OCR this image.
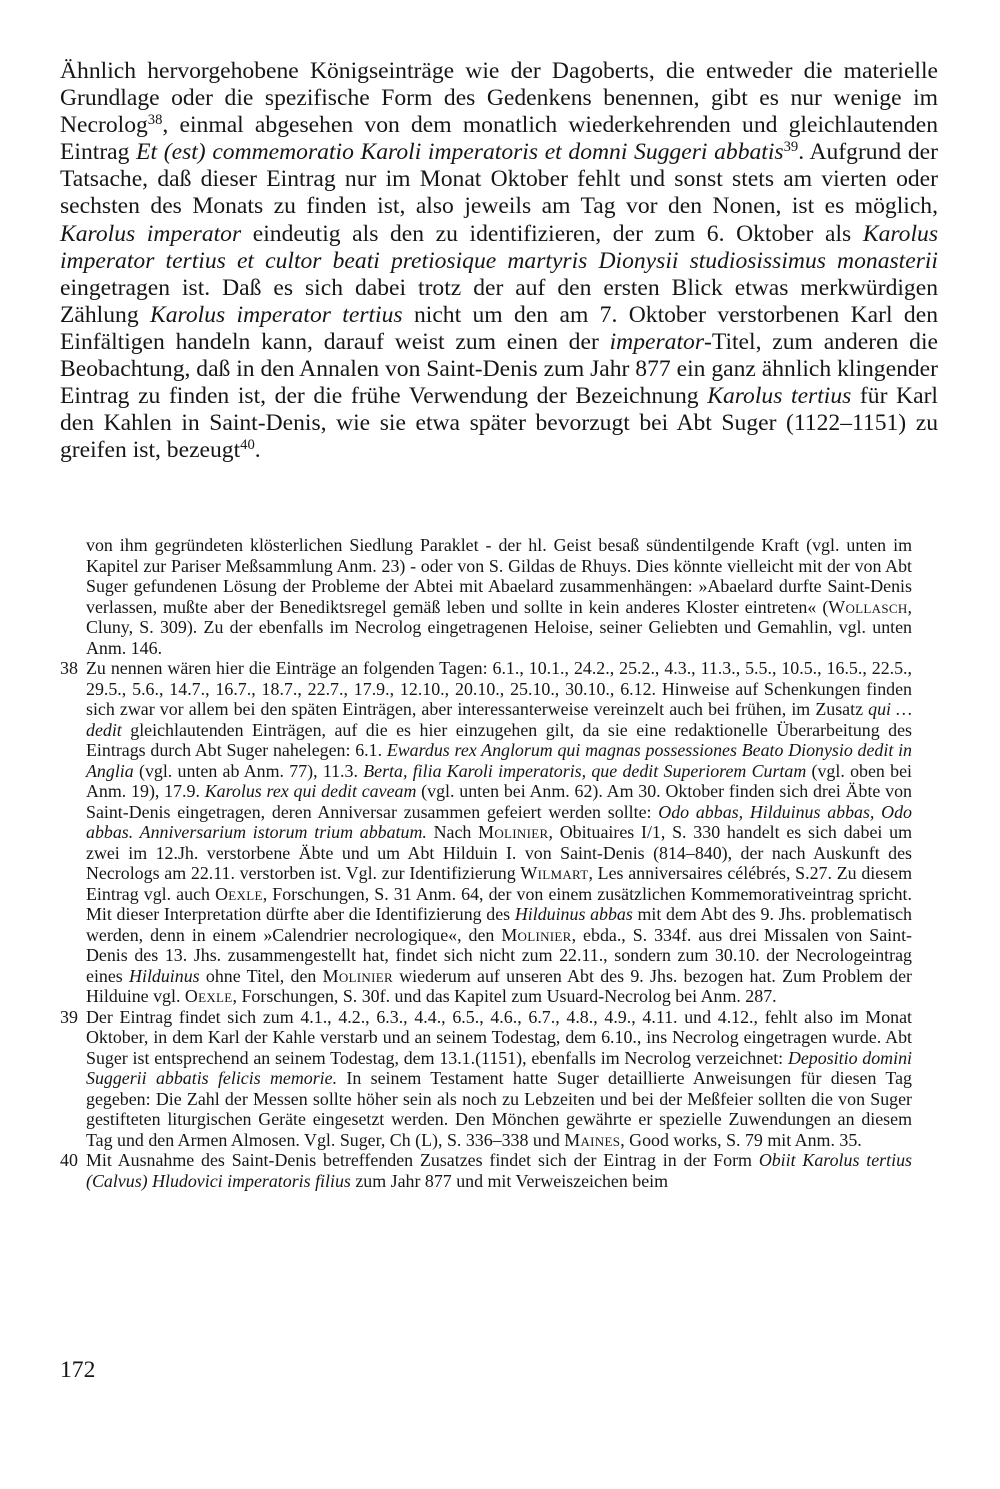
Ähnlich hervorgehobene Königseinträge wie der Dagoberts, die entweder die materielle Grundlage oder die spezifische Form des Gedenkens benennen, gibt es nur wenige im Necrolog$^{38}$, einmal abgesehen von dem monatlich wiederkehrenden und gleichlautenden Eintrag Et (est) commemoratio Karoli imperatoris et domni Suggeri abbatis$^{39}$. Aufgrund der Tatsache, daß dieser Eintrag nur im Monat Oktober fehlt und sonst stets am vierten oder sechsten des Monats zu finden ist, also jeweils am Tag vor den Nonen, ist es möglich, Karolus imperator eindeutig als den zu identifizieren, der zum 6. Oktober als Karolus imperator tertius et cultor beati pretiosique martyris Dionysii studiosissimus monasterii eingetragen ist. Daß es sich dabei trotz der auf den ersten Blick etwas merkwürdigen Zählung Karolus imperator tertius nicht um den am 7. Oktober verstorbenen Karl den Einfältigen handeln kann, darauf weist zum einen der imperator-Titel, zum anderen die Beobachtung, daß in den Annalen von Saint-Denis zum Jahr 877 ein ganz ähnlich klingender Eintrag zu finden ist, der die frühe Verwendung der Bezeichnung Karolus tertius für Karl den Kahlen in Saint-Denis, wie sie etwa später bevorzugt bei Abt Suger (1122–1151) zu greifen ist, bezeugt$^{40}$.

von ihm gegründeten klösterlichen Siedlung Paraklet - der hl. Geist besaß sündentilgende Kraft (vgl. unten im Kapitel zur Pariser Meßsammlung Anm. 23) - oder von S. Gildas de Rhuys. Dies könnte vielleicht mit der von Abt Suger gefundenen Lösung der Probleme der Abtei mit Abaelard zusammenhängen: »Abaelard durfte Saint-Denis verlassen, mußte aber der Benediktsregel gemäß leben und sollte in kein anderes Kloster eintreten« (Wollasch, Cluny, S. 309). Zu der ebenfalls im Necrolog eingetragenen Heloise, seiner Geliebten und Gemahlin, vgl. unten Anm. 146.

38 Zu nennen wären hier die Einträge an folgenden Tagen: 6.1., 10.1., 24.2., 25.2., 4.3., 11.3., 5.5., 10.5., 16.5., 22.5., 29.5., 5.6., 14.7., 16.7., 18.7., 22.7., 17.9., 12.10., 20.10., 25.10., 30.10., 6.12. Hinweise auf Schenkungen finden sich zwar vor allem bei den späten Einträgen, aber interessanterweise vereinzelt auch bei frühen, im Zusatz qui … dedit gleichlautenden Einträgen, auf die es hier einzugehen gilt, da sie eine redaktionelle Überarbeitung des Eintrags durch Abt Suger nahelegen: 6.1. Ewardus rex Anglorum qui magnas possessiones Beato Dionysio dedit in Anglia (vgl. unten ab Anm. 77), 11.3. Berta, filia Karoli imperatoris, que dedit Superiorem Curtam (vgl. oben bei Anm. 19), 17.9. Karolus rex qui dedit caveam (vgl. unten bei Anm. 62). Am 30. Oktober finden sich drei Äbte von Saint-Denis eingetragen, deren Anniversar zusammen gefeiert werden sollte: Odo abbas, Hilduinus abbas, Odo abbas. Anniversarium istorum trium abbatum. Nach Molinier, Obituaires I/1, S. 330 handelt es sich dabei um zwei im 12.Jh. verstorbene Äbte und um Abt Hilduin I. von Saint-Denis (814–840), der nach Auskunft des Necrologs am 22.11. verstorben ist. Vgl. zur Identifizierung Wilmart, Les anniversaires célébrés, S.27. Zu diesem Eintrag vgl. auch Oexle, Forschungen, S. 31 Anm. 64, der von einem zusätzlichen Kommemorativeintrag spricht. Mit dieser Interpretation dürfte aber die Identifizierung des Hilduinus abbas mit dem Abt des 9. Jhs. problematisch werden, denn in einem »Calendrier necrologique«, den Molinier, ebda., S. 334f. aus drei Missalen von Saint-Denis des 13. Jhs. zusammengestellt hat, findet sich nicht zum 22.11., sondern zum 30.10. der Necrologeintrag eines Hilduinus ohne Titel, den Molinier wiederum auf unseren Abt des 9. Jhs. bezogen hat. Zum Problem der Hilduine vgl. Oexle, Forschungen, S. 30f. und das Kapitel zum Usuard-Necrolog bei Anm. 287.

39 Der Eintrag findet sich zum 4.1., 4.2., 6.3., 4.4., 6.5., 4.6., 6.7., 4.8., 4.9., 4.11. und 4.12., fehlt also im Monat Oktober, in dem Karl der Kahle verstarb und an seinem Todestag, dem 6.10., ins Necrolog eingetragen wurde. Abt Suger ist entsprechend an seinem Todestag, dem 13.1.(1151), ebenfalls im Necrolog verzeichnet: Depositio domini Suggerii abbatis felicis memorie. In seinem Testament hatte Suger detaillierte Anweisungen für diesen Tag gegeben: Die Zahl der Messen sollte höher sein als noch zu Lebzeiten und bei der Meßfeier sollten die von Suger gestifteten liturgischen Geräte eingesetzt werden. Den Mönchen gewährte er spezielle Zuwendungen an diesem Tag und den Armen Almosen. Vgl. Suger, Ch (L), S. 336–338 und Maines, Good works, S. 79 mit Anm. 35.

40 Mit Ausnahme des Saint-Denis betreffenden Zusatzes findet sich der Eintrag in der Form Obiit Karolus tertius (Calvus) Hludovici imperatoris filius zum Jahr 877 und mit Verweiszeichen beim

172
